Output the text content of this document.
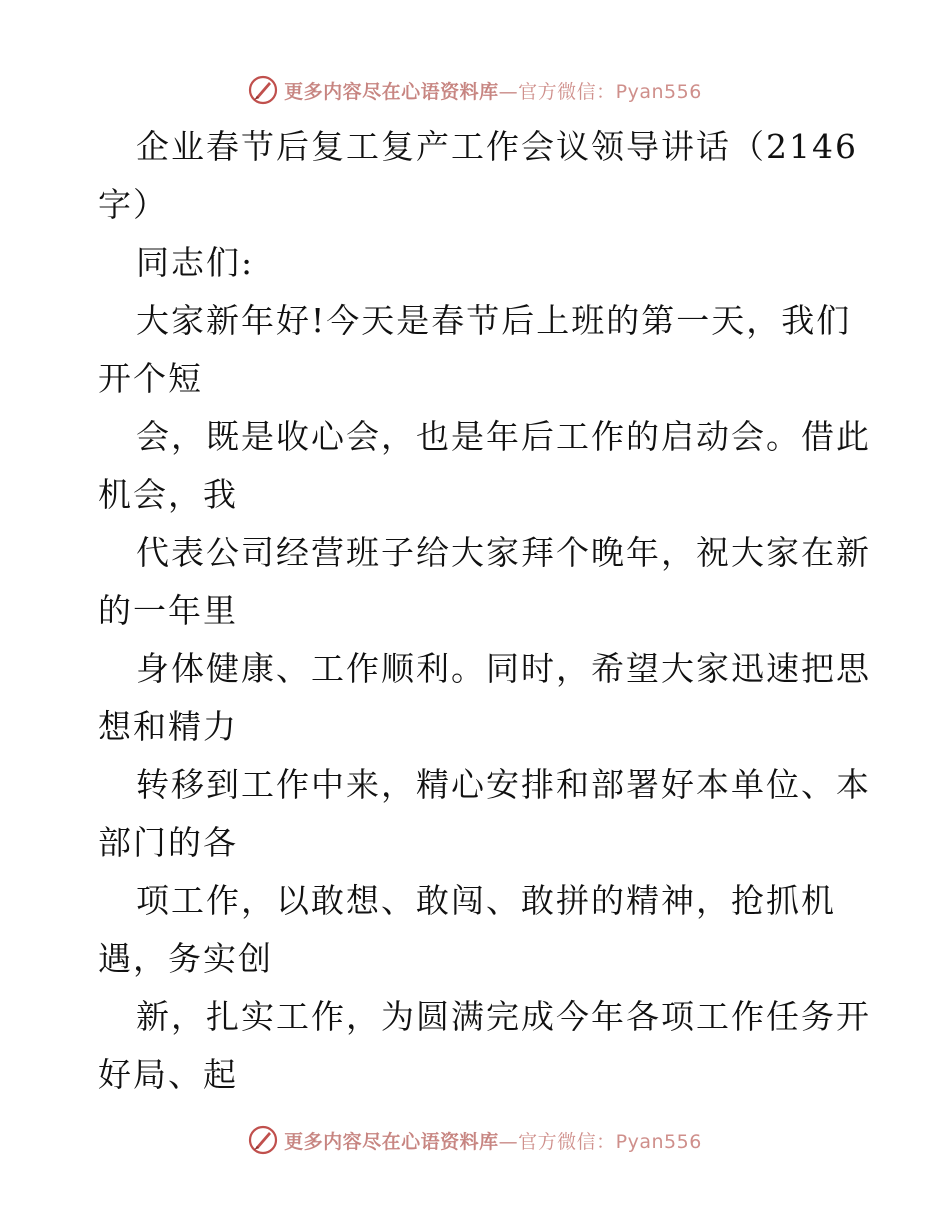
更多内容尽在心语资料库—官方微信：Pyan556
企业春节后复工复产工作会议领导讲话（2146
字）
同志们:
大家新年好!今天是春节后上班的第一天，我们
开个短
会，既是收心会，也是年后工作的启动会。借此
机会，我
代表公司经营班子给大家拜个晚年，祝大家在新
的一年里
身体健康、工作顺利。同时，希望大家迅速把思
想和精力
转移到工作中来，精心安排和部署好本单位、本
部门的各
项工作，以敢想、敢闯、敢拼的精神，抢抓机
遇，务实创
新，扎实工作，为圆满完成今年各项工作任务开
好局、起
更多内容尽在心语资料库—官方微信：Pyan556
